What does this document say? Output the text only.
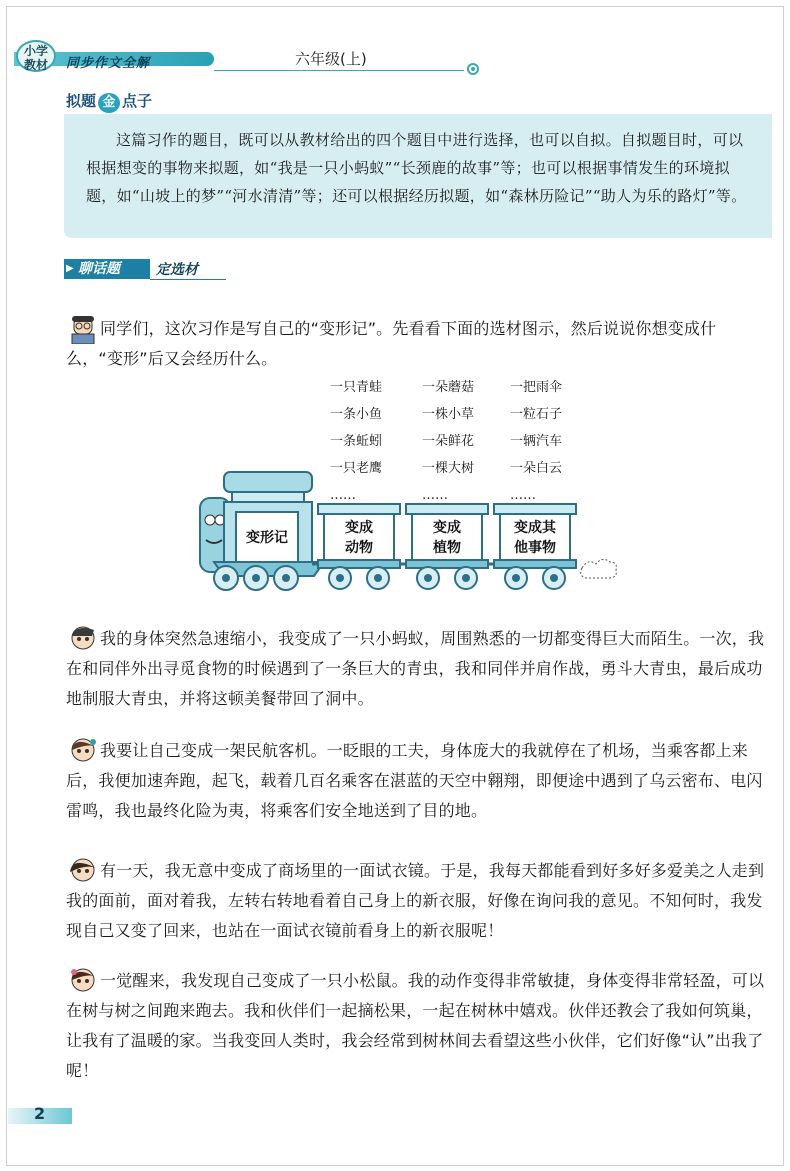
小学
教材	同步作文全解	六年级(上)
拟题 金 点子

这篇习作的题目，既可以从教材给出的四个题目中进行选择，也可以自拟。自拟题目时，可以根据想变的事物来拟题，如“我是一只小蚂蚁”“长颈鹿的故事”等；也可以根据事情发生的环境拟题，如“山坡上的梦”“河水清清”等；还可以根据经历拟题，如“森林历险记”“助人为乐的路灯”等。

▶ 聊话题	定选材

同学们，这次习作是写自己的“变形记”。先看看下面的选材图示，然后说说你想变成什么，“变形”后又会经历什么。

一只青蛙
一条小鱼
一条蚯蚓
一只老鹰
……
一朵蘑菇
一株小草
一朵鲜花
一棵大树
……
一把雨伞
一粒石子
一辆汽车
一朵白云
……
变形记
变成
动物
变成
植物
变成其
他事物

我的身体突然急速缩小，我变成了一只小蚂蚁，周围熟悉的一切都变得巨大而陌生。一次，我在和同伴外出寻觅食物的时候遇到了一条巨大的青虫，我和同伴并肩作战，勇斗大青虫，最后成功地制服大青虫，并将这顿美餐带回了洞中。

我要让自己变成一架民航客机。一眨眼的工夫，身体庞大的我就停在了机场，当乘客都上来后，我便加速奔跑，起飞，载着几百名乘客在湛蓝的天空中翱翔，即便途中遇到了乌云密布、电闪雷鸣，我也最终化险为夷，将乘客们安全地送到了目的地。

有一天，我无意中变成了商场里的一面试衣镜。于是，我每天都能看到好多好多爱美之人走到我的面前，面对着我，左转右转地看着自己身上的新衣服，好像在询问我的意见。不知何时，我发现自己又变了回来，也站在一面试衣镜前看身上的新衣服呢！

一觉醒来，我发现自己变成了一只小松鼠。我的动作变得非常敏捷，身体变得非常轻盈，可以在树与树之间跑来跑去。我和伙伴们一起摘松果，一起在树林中嬉戏。伙伴还教会了我如何筑巢，让我有了温暖的家。当我变回人类时，我会经常到树林间去看望这些小伙伴，它们好像“认”出我了呢！

2
